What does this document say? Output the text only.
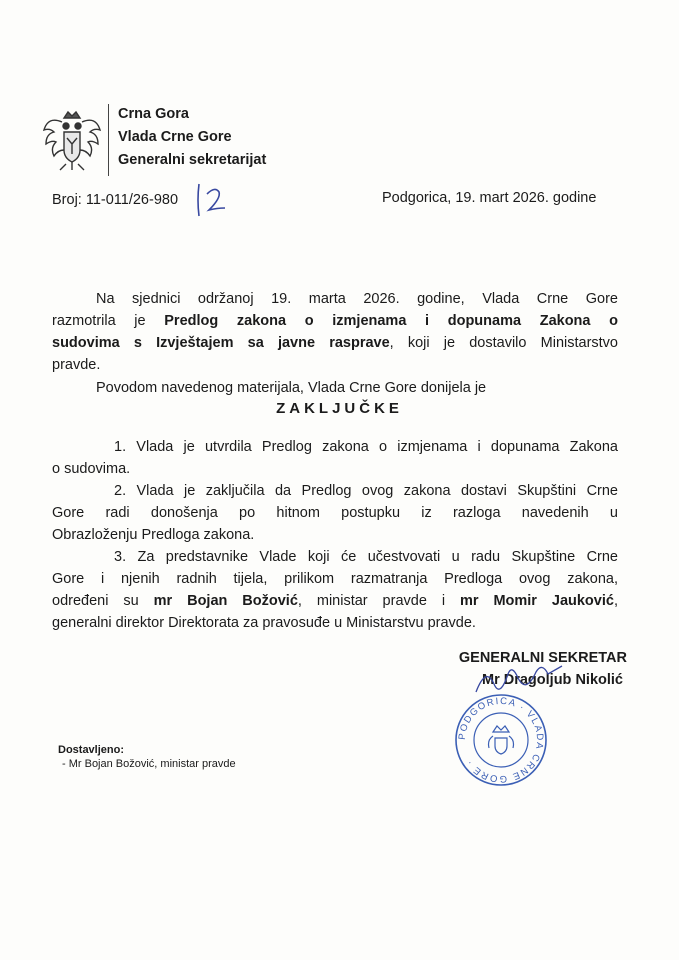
Crna Gora
Vlada Crne Gore
Generalni sekretarijat
Broj: 11-011/26-980	Podgorica, 19. mart 2026. godine
Na sjednici održanoj 19. marta 2026. godine, Vlada Crne Gore
razmotrila je Predlog zakona o izmjenama i dopunama Zakona o
sudovima s Izvještajem sa javne rasprave, koji je dostavilo Ministarstvo
pravde.
Povodom navedenog materijala, Vlada Crne Gore donijela je
ZAKLJUČKE
1. Vlada je utvrdila Predlog zakona o izmjenama i dopunama Zakona
o sudovima.
2. Vlada je zaključila da Predlog ovog zakona dostavi Skupštini Crne
Gore radi donošenja po hitnom postupku iz razloga navedenih u
Obrazloženju Predloga zakona.
3. Za predstavnike Vlade koji će učestvovati u radu Skupštine Crne
Gore i njenih radnih tijela, prilikom razmatranja Predloga ovog zakona,
određeni su mr Bojan Božović, ministar pravde i mr Momir Jauković,
generalni direktor Direktorata za pravosuđe u Ministarstvu pravde.
GENERALNI SEKRETAR
Mr Dragoljub Nikolić
PODGORICA · VLADA CRNE GORE ·
Dostavljeno:
- Mr Bojan Božović, ministar pravde
